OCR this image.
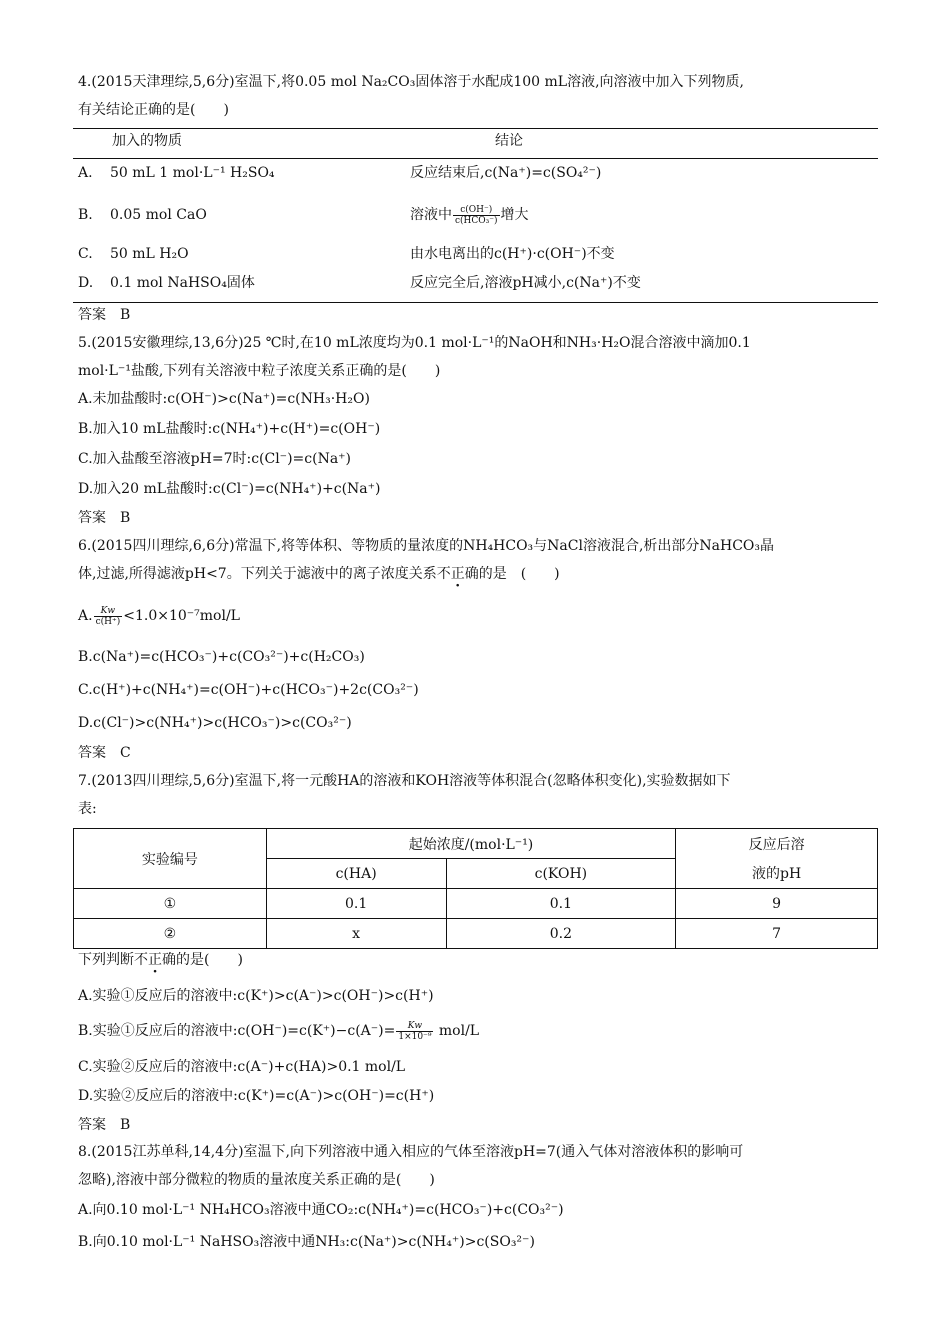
4.(2015天津理综,5,6分)室温下,将0.05 mol Na₂CO₃固体溶于水配成100 mL溶液,向溶液中加入下列物质,
有关结论正确的是(　　)
加入的物质	结论
A. 50 mL 1 mol·L⁻¹ H₂SO₄	反应结束后,c(Na⁺)=c(SO₄²⁻)
B. 0.05 mol CaO	溶液中 $\frac{c(OH^-)}{\text{c(HCO₃⁻)}}$ 增大
C. 50 mL H₂O	由水电离出的c(H⁺)·c(OH⁻)不变
D. 0.1 mol NaHSO₄固体	反应完全后,溶液pH减小,c(Na⁺)不变
答案　B
5.(2015安徽理综,13,6分)25 ℃时,在10 mL浓度均为0.1 mol·L⁻¹的NaOH和NH₃·H₂O混合溶液中滴加0.1
mol·L⁻¹盐酸,下列有关溶液中粒子浓度关系正确的是(　　)
A.未加盐酸时:c(OH⁻)>c(Na⁺)=c(NH₃·H₂O)
B.加入10 mL盐酸时:c(NH₄⁺)+c(H⁺)=c(OH⁻)
C.加入盐酸至溶液pH=7时:c(Cl⁻)=c(Na⁺)
D.加入20 mL盐酸时:c(Cl⁻)=c(NH₄⁺)+c(Na⁺)
答案　B
6.(2015四川理综,6,6分)常温下,将等体积、等物质的量浓度的NH₄HCO₃与NaCl溶液混合,析出部分NaHCO₃晶
体,过滤,所得滤液pH<7。下列关于滤液中的离子浓度关系不正确的是　(　　)
A. $\frac{Kw}{c(H^+)} <1.0\times 10^{-7}mol/L$
B.c(Na⁺)=c(HCO₃⁻)+c(CO₃²⁻)+c(H₂CO₃)
C.c(H⁺)+c(NH₄⁺)=c(OH⁻)+c(HCO₃⁻)+2c(CO₃²⁻)
D.c(Cl⁻)>c(NH₄⁺)>c(HCO₃⁻)>c(CO₃²⁻)
答案　C
7.(2013四川理综,5,6分)室温下,将一元酸HA的溶液和KOH溶液等体积混合(忽略体积变化),实验数据如下
表:
实验编号	起始浓度/(mol·L⁻¹)		反应后溶
	c(HA)	c(KOH)	液的pH
①	0.1	0.1	9
②	x	0.2	7
下列判断不正确的是(　　)
A.实验①反应后的溶液中:c(K⁺)>c(A⁻)>c(OH⁻)>c(H⁺)
B.实验①反应后的溶液中:c(OH⁻)=c(K⁺)−c(A⁻)= $\frac{Kw}{\text{1×10⁻⁹}} mol/L$
C.实验②反应后的溶液中:c(A⁻)+c(HA)>0.1 mol/L
D.实验②反应后的溶液中:c(K⁺)=c(A⁻)>c(OH⁻)=c(H⁺)
答案　B
8.(2015江苏单科,14,4分)室温下,向下列溶液中通入相应的气体至溶液pH=7(通入气体对溶液体积的影响可
忽略),溶液中部分微粒的物质的量浓度关系正确的是(　　)
A.向0.10 mol·L⁻¹ NH₄HCO₃溶液中通CO₂:c(NH₄⁺)=c(HCO₃⁻)+c(CO₃²⁻)
B.向0.10 mol·L⁻¹ NaHSO₃溶液中通NH₃:c(Na⁺)>c(NH₄⁺)>c(SO₃²⁻)
